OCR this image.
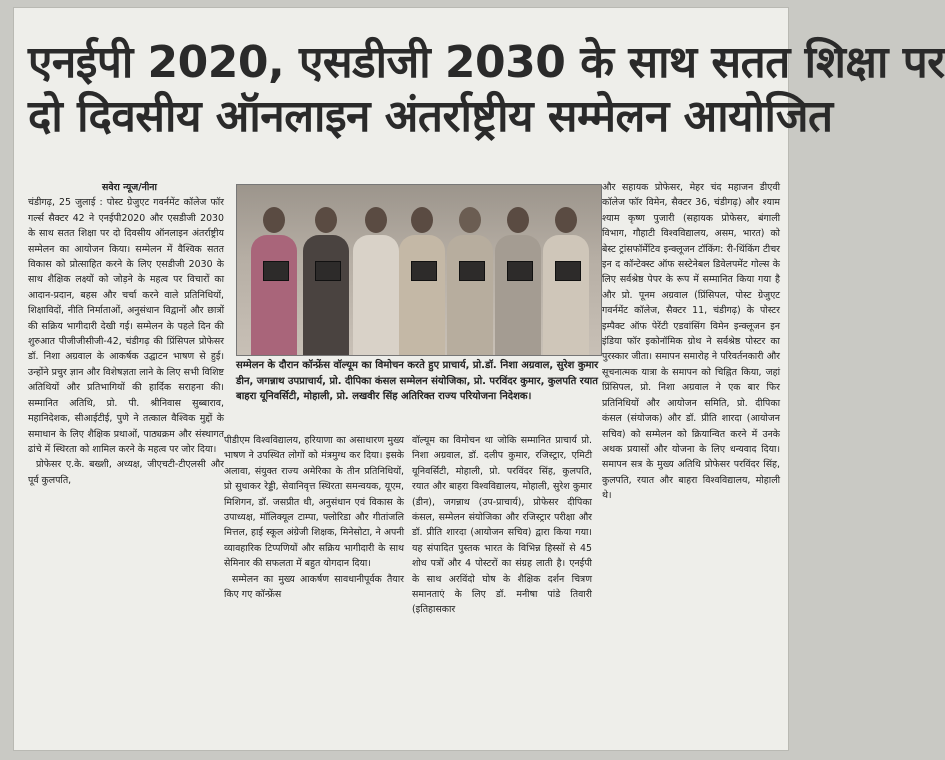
एनईपी 2020, एसडीजी 2030 के साथ सतत शिक्षा पर
दो दिवसीय ऑनलाइन अंतर्राष्ट्रीय सम्मेलन आयोजित
सवेरा न्यूज/नीना
चंडीगढ़, 25 जुलाई : पोस्ट ग्रेजुएट गवर्नमेंट कॉलेज फॉर गर्ल्स सैक्टर 42 ने एनईपी2020 और एसडीजी 2030 के साथ सतत शिक्षा पर दो दिवसीय ऑनलाइन अंतर्राष्ट्रीय सम्मेलन का आयोजन किया। सम्मेलन में वैश्विक सतत विकास को प्रोत्साहित करने के लिए एसडीजी 2030 के साथ शैक्षिक लक्ष्यों को जोड़ने के महत्व पर विचारों का आदान-प्रदान, बहस और चर्चा करने वाले प्रतिनिधियों, शिक्षाविदों, नीति निर्माताओं, अनुसंधान विद्वानों और छात्रों की सक्रिय भागीदारी देखी गई। सम्मेलन के पहले दिन की शुरुआत पीजीजीसीजी-42, चंडीगढ़ की प्रिंसिपल प्रोफेसर डॉ. निशा अग्रवाल के आकर्षक उद्घाटन भाषण से हुई। उन्होंने प्रचुर ज्ञान और विशेषज्ञता लाने के लिए सभी विशिष्ट अतिथियों और प्रतिभागियों की हार्दिक सराहना की। सम्मानित अतिथि, प्रो. पी. श्रीनिवास सुब्बाराव, महानिदेशक, सीआईटीई, पुणे ने तत्काल वैश्विक मुद्दों के समाधान के लिए शैक्षिक प्रथाओं, पाठ्यक्रम और संस्थागत ढांचे में स्थिरता को शामिल करने के महत्व पर जोर दिया।
प्रोफेसर ए.के. बख्शी, अध्यक्ष, जीएचटी-टीएलसी और पूर्व कुलपति,
सम्मेलन के दौरान कॉन्फ्रेंस वॉल्यूम का विमोचन करते हुए प्राचार्य, प्रो.डॉ. निशा अग्रवाल, सुरेश कुमार डीन, जगन्नाथ उपप्राचार्य, प्रो. दीपिका कंसल सम्मेलन संयोजिका, प्रो. परविंदर कुमार, कुलपति रयात बाहरा यूनिवर्सिटी, मोहाली, प्रो. लखवीर सिंह अतिरिक्त राज्य परियोजना निदेशक।
पीडीएम विश्वविद्यालय, हरियाणा का असाधारण मुख्य भाषण ने उपस्थित लोगों को मंत्रमुग्ध कर दिया। इसके अलावा, संयुक्त राज्य अमेरिका के तीन प्रतिनिधियों, प्रो सुधाकर रेड्डी, सेवानिवृत्त स्थिरता समन्वयक, यूएम, मिशिगन, डॉ. जसप्रीत धी, अनुसंधान एवं विकास के उपाध्यक्ष, मॉलिक्यूल टाम्पा, फ्लोरिडा और गीतांजलि मित्तल, हाई स्कूल अंग्रेजी शिक्षक, मिनेसोटा, ने अपनी व्यावहारिक टिप्पणियों और सक्रिय भागीदारी के साथ सेमिनार की सफलता में बहुत योगदान दिया।
सम्मेलन का मुख्य आकर्षण सावधानीपूर्वक तैयार किए गए कॉन्फ्रेंस
वॉल्यूम का विमोचन था जोकि सम्मानित प्राचार्य प्रो. निशा अग्रवाल, डॉ. दलीप कुमार, रजिस्ट्रार, एमिटी यूनिवर्सिटी, मोहाली, प्रो. परविंदर सिंह, कुलपति, रयात और बाहरा विश्वविद्यालय, मोहाली, सुरेश कुमार (डीन), जगन्नाथ (उप-प्राचार्य), प्रोफेसर दीपिका कंसल, सम्मेलन संयोजिका और रजिस्ट्रार परीक्षा और डॉ. प्रीति शारदा (आयोजन सचिव) द्वारा किया गया। यह संपादित पुस्तक भारत के विभिन्न हिस्सों से 45 शोध पत्रों और 4 पोस्टरों का संग्रह लाती है। एनईपी के साथ अरविंदो घोष के शैक्षिक दर्शन चित्रण समानताएं के लिए डॉ. मनीषा पांडे तिवारी (इतिहासकार
और सहायक प्रोफेसर, मेहर चंद महाजन डीएवी कॉलेज फॉर विमेन, सैक्टर 36, चंडीगढ़) और श्याम श्याम कृष्ण पुजारी (सहायक प्रोफेसर, बंगाली विभाग, गौहाटी विश्वविद्यालय, असम, भारत) को बेस्ट ट्रांसफॉर्मेटिव इन्क्लूजन टॉकिंग: री-थिंकिंग टीचर इन द कॉन्टेक्स्ट ऑफ सस्टेनेबल डिवेलपमेंट गोल्स के लिए सर्वश्रेष्ठ पेपर के रूप में सम्मानित किया गया है और प्रो. पूनम अग्रवाल (प्रिंसिपल, पोस्ट ग्रेजुएट गवर्नमेंट कॉलेज, सैक्टर 11, चंडीगढ़) के पोस्टर इम्पैक्ट ऑफ पेरेंटी एडवांसिंग विमेन इन्क्लूजन इन इंडिया फॉर इकोनॉमिक ग्रोथ ने सर्वश्रेष्ठ पोस्टर का पुरस्कार जीता। समापन समारोह ने परिवर्तनकारी और सूचनात्मक यात्रा के समापन को चिह्नित किया, जहां प्रिंसिपल, प्रो. निशा अग्रवाल ने एक बार फिर प्रतिनिधियों और आयोजन समिति, प्रो. दीपिका कंसल (संयोजक) और डॉ. प्रीति शारदा (आयोजन सचिव) को सम्मेलन को क्रियान्वित करने में उनके अथक प्रयासों और योजना के लिए धन्यवाद दिया। समापन सत्र के मुख्य अतिथि प्रोफेसर परविंदर सिंह, कुलपति, रयात और बाहरा विश्वविद्यालय, मोहाली थे।
